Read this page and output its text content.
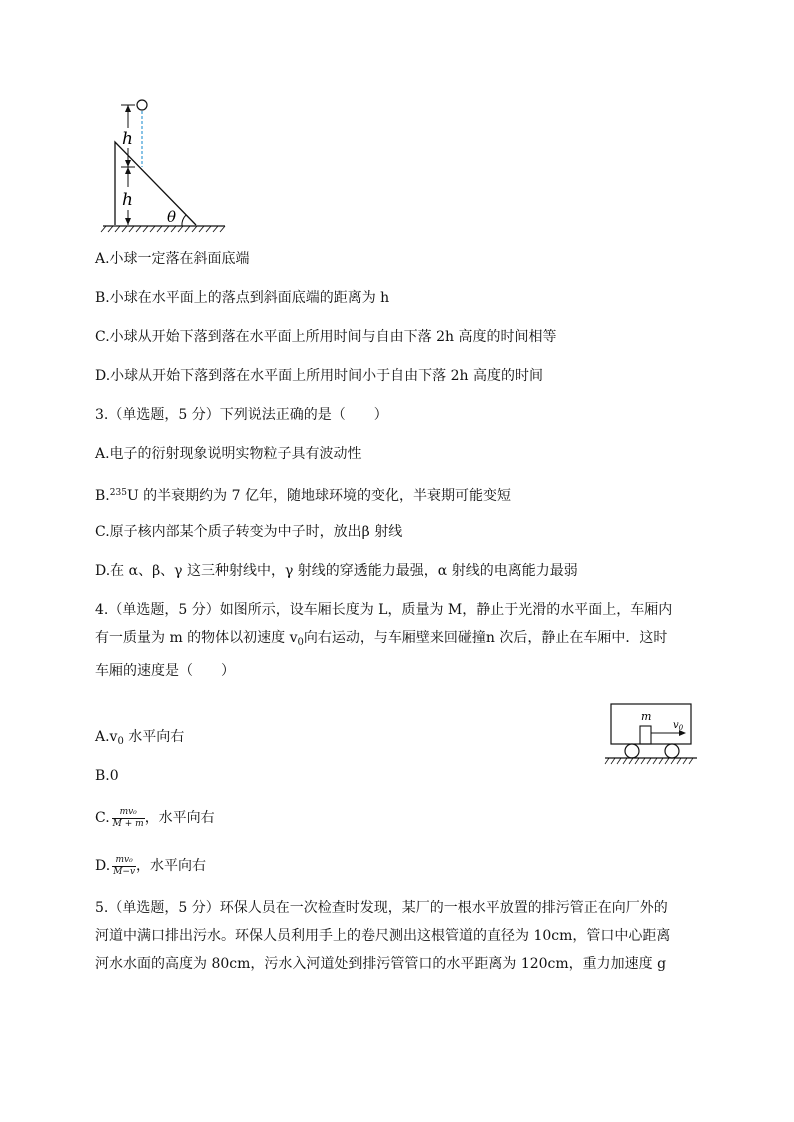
h
h
θ
A.小球一定落在斜面底端
B.小球在水平面上的落点到斜面底端的距离为 h
C.小球从开始下落到落在水平面上所用时间与自由下落 2h 高度的时间相等
D.小球从开始下落到落在水平面上所用时间小于自由下落 2h 高度的时间
3.（单选题，5 分）下列说法正确的是（　　）
A.电子的衍射现象说明实物粒子具有波动性
B.$^{235}$U 的半衰期约为 7 亿年，随地球环境的变化，半衰期可能变短
C.原子核内部某个质子转变为中子时，放出β 射线
D.在 α、β、γ 这三种射线中，γ 射线的穿透能力最强，α 射线的电离能力最弱
4.（单选题，5 分）如图所示，设车厢长度为 L，质量为 M，静止于光滑的水平面上，车厢内
有一质量为 m 的物体以初速度 $v_0$向右运动，与车厢壁来回碰撞n 次后，静止在车厢中．这时
车厢的速度是（　　）
m
$v_0$
$A.v_0$ 水平向右
B.0
C. $\frac{\text{mv₀}}{M + m}$ ，水平向右
D. $\frac{\text{mv₀}}{M-v}$ ，水平向右
5.（单选题，5 分）环保人员在一次检查时发现，某厂的一根水平放置的排污管正在向厂外的
河道中满口排出污水。环保人员利用手上的卷尺测出这根管道的直径为 10cm，管口中心距离
河水水面的高度为 80cm，污水入河道处到排污管管口的水平距离为 120cm，重力加速度 g
